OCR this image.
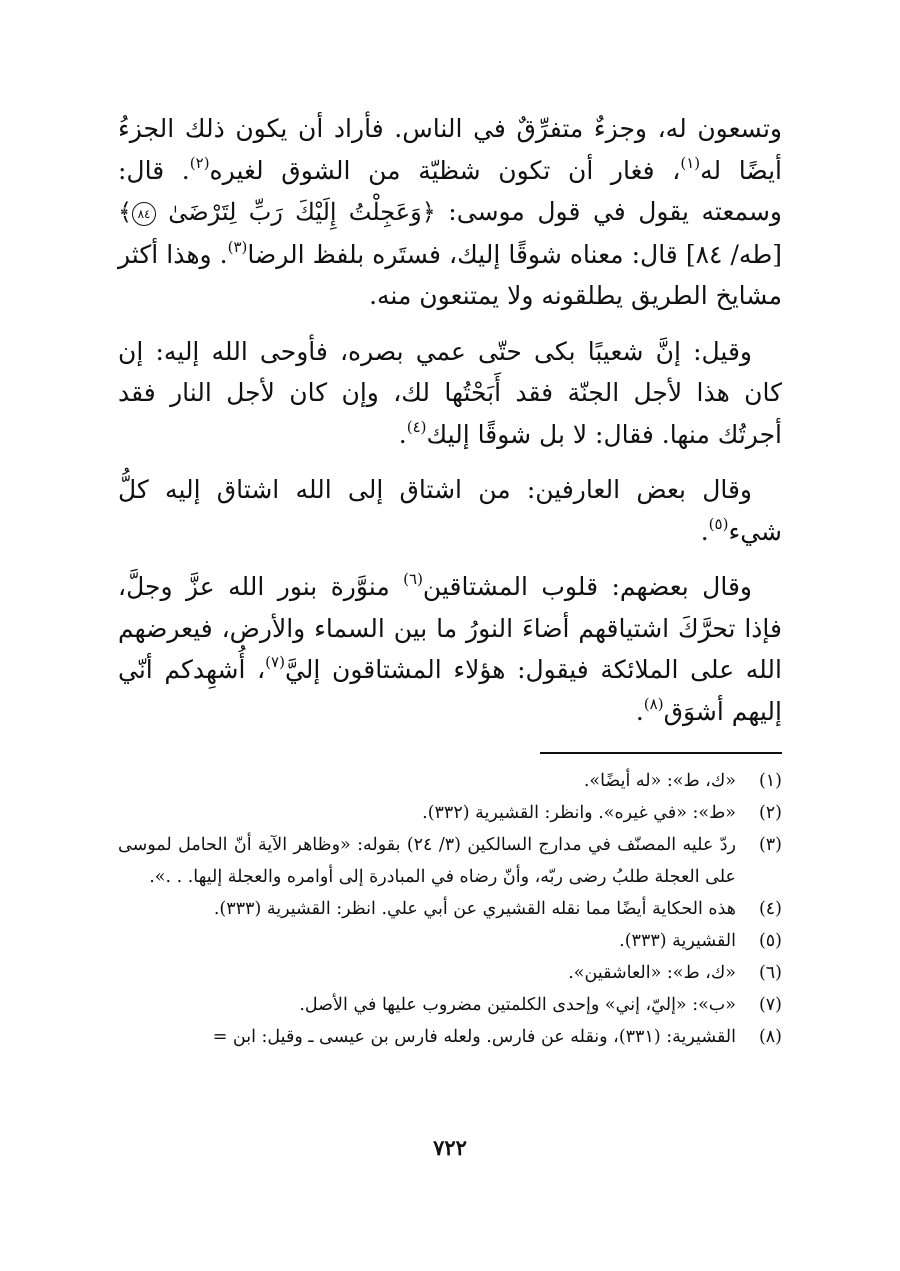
وتسعون له، وجزءٌ متفرِّقٌ في الناس. فأراد أن يكون ذلك الجزءُ أيضًا له$^{(١)}$، فغار أن تكون شظيّة من الشوق لغيره$^{(٢)}$. قال: وسمعته يقول في قول موسى: ﴿وَعَجِلْتُ إِلَيْكَ رَبِّ لِتَرْضَىٰ ٨٤﴾[طه/ ٨٤] قال: معناه شوقًا إليك، فستَره بلفظ الرضا$^{(٣)}$. وهذا أكثر مشايخ الطريق يطلقونه ولا يمتنعون منه.

وقيل: إنَّ شعيبًا بكى حتّى عمي بصره، فأوحى الله إليه: إن كان هذا لأجل الجنّة فقد أَبَحْتُها لك، وإن كان لأجل النار فقد أجرتُك منها. فقال: لا بل شوقًا إليك$^{(٤)}$.

وقال بعض العارفين: من اشتاق إلى الله اشتاق إليه كلُّ شيء$^{(٥)}$.

وقال بعضهم: قلوب المشتاقين$^{(٦)}$ منوَّرة بنور الله عزَّ وجلَّ، فإذا تحرَّكَ اشتياقهم أضاءَ النورُ ما بين السماء والأرض، فيعرضهم الله على الملائكة فيقول: هؤلاء المشتاقون إليَّ$^{(٧)}$، أُشهِدكم أنّي إليهم أشوَق$^{(٨)}$.

(١)
«ك، ط»: «له أيضًا».
(٢)
«ط»: «في غيره». وانظر: القشيرية (٣٣٢).
(٣)
ردّ عليه المصنّف في مدارج السالكين (٣/ ٢٤) بقوله: «وظاهر الآية أنّ الحامل لموسى على العجلة طلبُ رضى ربّه، وأنّ رضاه في المبادرة إلى أوامره والعجلة إليها. . .».
(٤)
هذه الحكاية أيضًا مما نقله القشيري عن أبي علي. انظر: القشيرية (٣٣٣).
(٥)
القشيرية (٣٣٣).
(٦)
«ك، ط»: «العاشقين».
(٧)
«ب»: «إليّ، إني» وإحدى الكلمتين مضروب عليها في الأصل.
(٨)
القشيرية: (٣٣١)، ونقله عن فارس. ولعله فارس بن عيسى ـ وقيل: ابن =
٧٢٢
